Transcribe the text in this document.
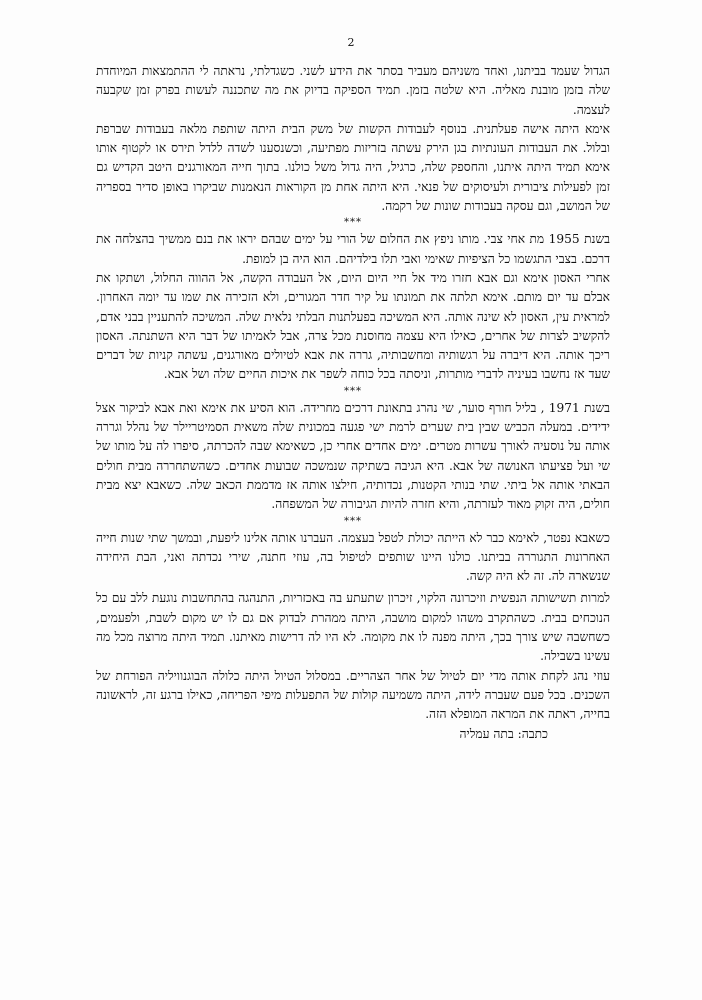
2

הגדול שעמד בביתנו, ואחד משניהם מעביר בסתר את הידע לשני. כשגדלתי, נראתה לי ההתמצאות המיוחדת שלה בזמן מובנת מאליה. היא שלטה בזמן. תמיד הספיקה בדיוק את מה שתכננה לעשות בפרק זמן שקבעה לעצמה.

אימא היתה אישה פעלתנית. בנוסף לעבודות הקשות של משק הבית היתה שותפת מלאה בעבודות שברפת ובלול. את העבודות העונתיות בגן הירק עשתה בזריזות מפתיעה, וכשנסענו לשדה ללדל תירס או לקטוף אותו אימא תמיד היתה איתנו, והחספק שלה, כרגיל, היה גדול משל כולנו. בתוך חייה המאורגנים היטב הקדיש גם זמן לפעילות ציבורית ולעיסוקים של פנאי. היא היתה אחת מן הקוראות הנאמנות שביקרו באופן סדיר בספריה של המושב, וגם עסקה בעבודות שונות של רקמה.

***

בשנת 1955 מת אחי צבי. מותו ניפץ את החלום של הורי על ימים שבהם יראו את בנם ממשיך בהצלחה את דרכם. בצבי התגשמו כל הציפיות שאימי ואבי תלו בילדיהם. הוא היה בן למופת.

אחרי האסון אימא וגם אבא חזרו מיד אל חיי היום היום, אל העבודה הקשה, אל ההווה החלול, ושתקו את אבלם עד יום מותם. אימא תלתה את תמונתו על קיר חדר המגורים, ולא הזכירה את שמו עד יומה האחרון. למראית עין, האסון לא שינה אותה. היא המשיכה בפעלתנות הבלתי נלאית שלה. המשיכה להתעניין בבני אדם, להקשיב לצרות של אחרים, כאילו היא עצמה מחוסנת מכל צרה, אבל לאמיתו של דבר היא השתנתה. האסון ריכך אותה. היא דיברה על רגשותיה ומחשבותיה, גררה את אבא לטיולים מאורגנים, עשתה קניות של דברים שעד אז נחשבו בעיניה לדברי מותרות, וניסתה בכל כוחה לשפר את איכות החיים שלה ושל אבא.

***

בשנת 1971 , בליל חורף סוער, שי נהרג בתאונת דרכים מחרידה. הוא הסיע את אימא ואת אבא לביקור אצל ידידים. במעלה הכביש שבין בית שערים לרמת ישי פגעה במכונית שלה משאית הסמיטריילר של נהלל וגררה אותה על נוסעיה לאורך עשרות מטרים. ימים אחדים אחרי כן, כשאימא שבה להכרתה, סיפרו לה על מותו של שי ועל פציעתו האנושה של אבא. היא הגיבה בשתיקה שנמשכה שבועות אחדים. כשהשתחררה מבית חולים הבאתי אותה אל ביתי. שתי בנותי הקטנות, נכדותיה, חילצו אותה אז מדממת הכאב שלה. כשאבא יצא מבית חולים, היה זקוק מאוד לעזרתה, והיא חזרה להיות הגיבורה של המשפחה.

***

כשאבא נפטר, לאימא כבר לא הייתה יכולת לטפל בעצמה. העברנו אותה אלינו ליפעת, ובמשך שתי שנות חייה האחרונות התגוררה בביתנו. כולנו היינו שותפים לטיפול בה, עוזי חתנה, שירי נכדתה ואני, הבת היחידה שנשארה לה. זה לא היה קשה.

למרות תשישותה הנפשית וזיכרונה הלקוי, זיכרון שתעתע בה באכזריות, התנהגה בהתחשבות נוגעת ללב עם כל הנוכחים בבית. כשהתקרב משהו למקום מושבה, היתה ממהרת לבדוק אם גם לו יש מקום לשבת, ולפעמים, כשחשבה שיש צורך בכך, היתה מפנה לו את מקומה. לא היו לה דרישות מאיתנו. תמיד היתה מרוצה מכל מה עשינו בשבילה.

עוזי נהג לקחת אותה מדי יום לטיול של אחר הצהריים. במסלול הטיול היתה כלולה הבוגנוויליה הפורחת של השכנים. בכל פעם שעברה לידה, היתה משמיעה קולות של התפעלות מיפי הפריחה, כאילו ברגע זה, לראשונה בחייה, ראתה את המראה המופלא הזה.

כתבה: בתה עמליה
